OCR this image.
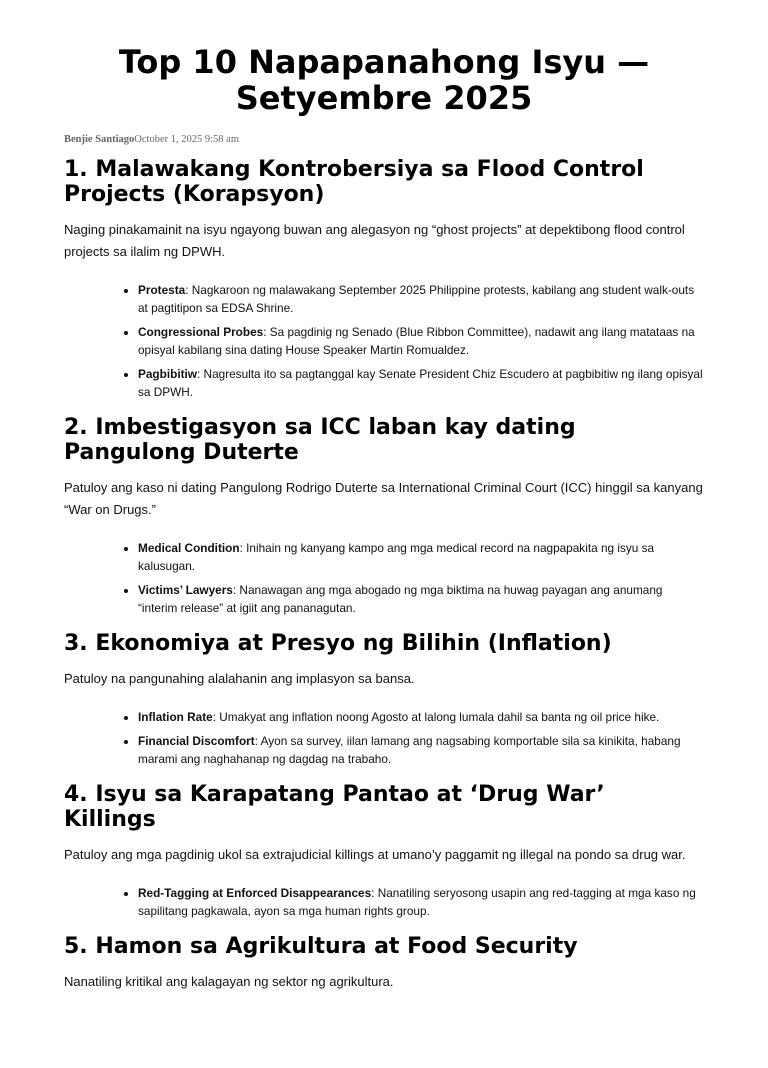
Top 10 Napapanahong Isyu — Setyembre 2025
Benjie SantiagoOctober 1, 2025 9:58 am
1. Malawakang Kontrobersiya sa Flood Control Projects (Korapsyon)

Naging pinakamainit na isyu ngayong buwan ang alegasyon ng “ghost projects” at depektibong flood control projects sa ilalim ng DPWH.

• Protesta: Nagkaroon ng malawakang September 2025 Philippine protests, kabilang ang student walk-outs at pagtitipon sa EDSA Shrine.
• Congressional Probes: Sa pagdinig ng Senado (Blue Ribbon Committee), nadawit ang ilang matataas na opisyal kabilang sina dating House Speaker Martin Romualdez.
• Pagbibitiw: Nagresulta ito sa pagtanggal kay Senate President Chiz Escudero at pagbibitiw ng ilang opisyal sa DPWH.
2. Imbestigasyon sa ICC laban kay dating Pangulong Duterte

Patuloy ang kaso ni dating Pangulong Rodrigo Duterte sa International Criminal Court (ICC) hinggil sa kanyang “War on Drugs.”

• Medical Condition: Inihain ng kanyang kampo ang mga medical record na nagpapakita ng isyu sa kalusugan.
• Victims’ Lawyers: Nanawagan ang mga abogado ng mga biktima na huwag payagan ang anumang “interim release” at igiit ang pananagutan.
3. Ekonomiya at Presyo ng Bilihin (Inflation)

Patuloy na pangunahing alalahanin ang implasyon sa bansa.

• Inflation Rate: Umakyat ang inflation noong Agosto at lalong lumala dahil sa banta ng oil price hike.
• Financial Discomfort: Ayon sa survey, iilan lamang ang nagsabing komportable sila sa kinikita, habang marami ang naghahanap ng dagdag na trabaho.
4. Isyu sa Karapatang Pantao at ‘Drug War’ Killings

Patuloy ang mga pagdinig ukol sa extrajudicial killings at umano’y paggamit ng illegal na pondo sa drug war.

• Red-Tagging at Enforced Disappearances: Nanatiling seryosong usapin ang red-tagging at mga kaso ng sapilitang pagkawala, ayon sa mga human rights group.
5. Hamon sa Agrikultura at Food Security

Nanatiling kritikal ang kalagayan ng sektor ng agrikultura.
